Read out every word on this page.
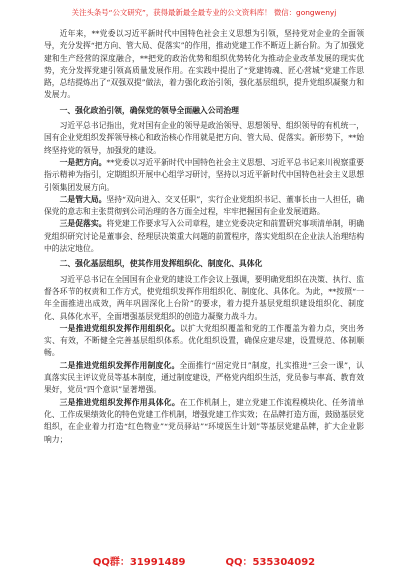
关注头条号“公文研究”，获得最新最全最专业的公文资料库！ 微信：gongwenyj

近年来，**党委以习近平新时代中国特色社会主义思想为引领，坚持党对企业的全面领导，充分发挥“把方向、管大局、促落实”的作用，推动党建工作不断迈上新台阶。为了加强党建和生产经营的深度融合，**把党的政治优势和组织优势转化为推动企业改革发展的现实优势，充分发挥党建引领高质量发展作用。在实践中提出了“党建铸魂、匠心营城”党建工作思路，总结提炼出了“双强双提”做法，着力强化政治引领，强化基层组织，提升党组织凝聚力和发展力。

一、强化政治引领，确保党的领导全面融入公司治理

习近平总书记指出，党对国有企业的领导是政治领导、思想领导、组织领导的有机统一，国有企业党组织发挥领导核心和政治核心作用就是把方向、管大局、促落实。新形势下，**始终坚持党的领导，加强党的建设。

一是把方向。**党委以习近平新时代中国特色社会主义思想、习近平总书记来川视察重要指示精神为指引，定期组织开展中心组学习研讨，坚持以习近平新时代中国特色社会主义思想引领集团发展方向。

二是管大局。坚持“双向进入、交叉任职”，实行企业党组织书记、董事长由一人担任，确保党的意志和主张贯彻到公司治理的各方面全过程，牢牢把握国有企业发展道路。

三是促落实。将党建工作要求写入公司章程，建立党委决定和前置研究事项清单制，明确党组织研究讨论是董事会、经理层决策重大问题的前置程序，落实党组织在企业法人治理结构中的法定地位。

二、强化基层组织，使其作用发挥组织化、制度化、具体化

习近平总书记在全国国有企业党的建设工作会议上强调，要明确党组织在决策、执行、监督各环节的权责和工作方式，使党组织发挥作用组织化、制度化、具体化。为此，**按照“一年全面推进出成效，两年巩固深化上台阶”的要求，着力提升基层党组织建设组织化、制度化、具体化水平，全面增强基层党组织的创造力凝聚力战斗力。

一是推进党组织发挥作用组织化。以扩大党组织覆盖和党的工作覆盖为着力点，突出务实、有效，不断健全完善基层组织体系。优化组织设置，确保应建尽建，设置规范、体制顺畅。

二是推进党组织发挥作用制度化。全面推行“固定党日”制度，扎实推进“三会一课”，认真落实民主评议党员等基本制度，通过制度建设，严格党内组织生活，党员参与率高、教育效果好，党员“四个意识”显著增强。

三是推进党组织发挥作用具体化。在工作机制上，建立党建工作流程模块化、任务清单化、工作成果绩效化的特色党建工作机制，增强党建工作实效；在品牌打造方面，鼓励基层党组织，在企业着力打造“红色物业”“党员驿站”“环境医生计划”等基层党建品牌，扩大企业影响力；

QQ群：31991489	QQ：535304092
